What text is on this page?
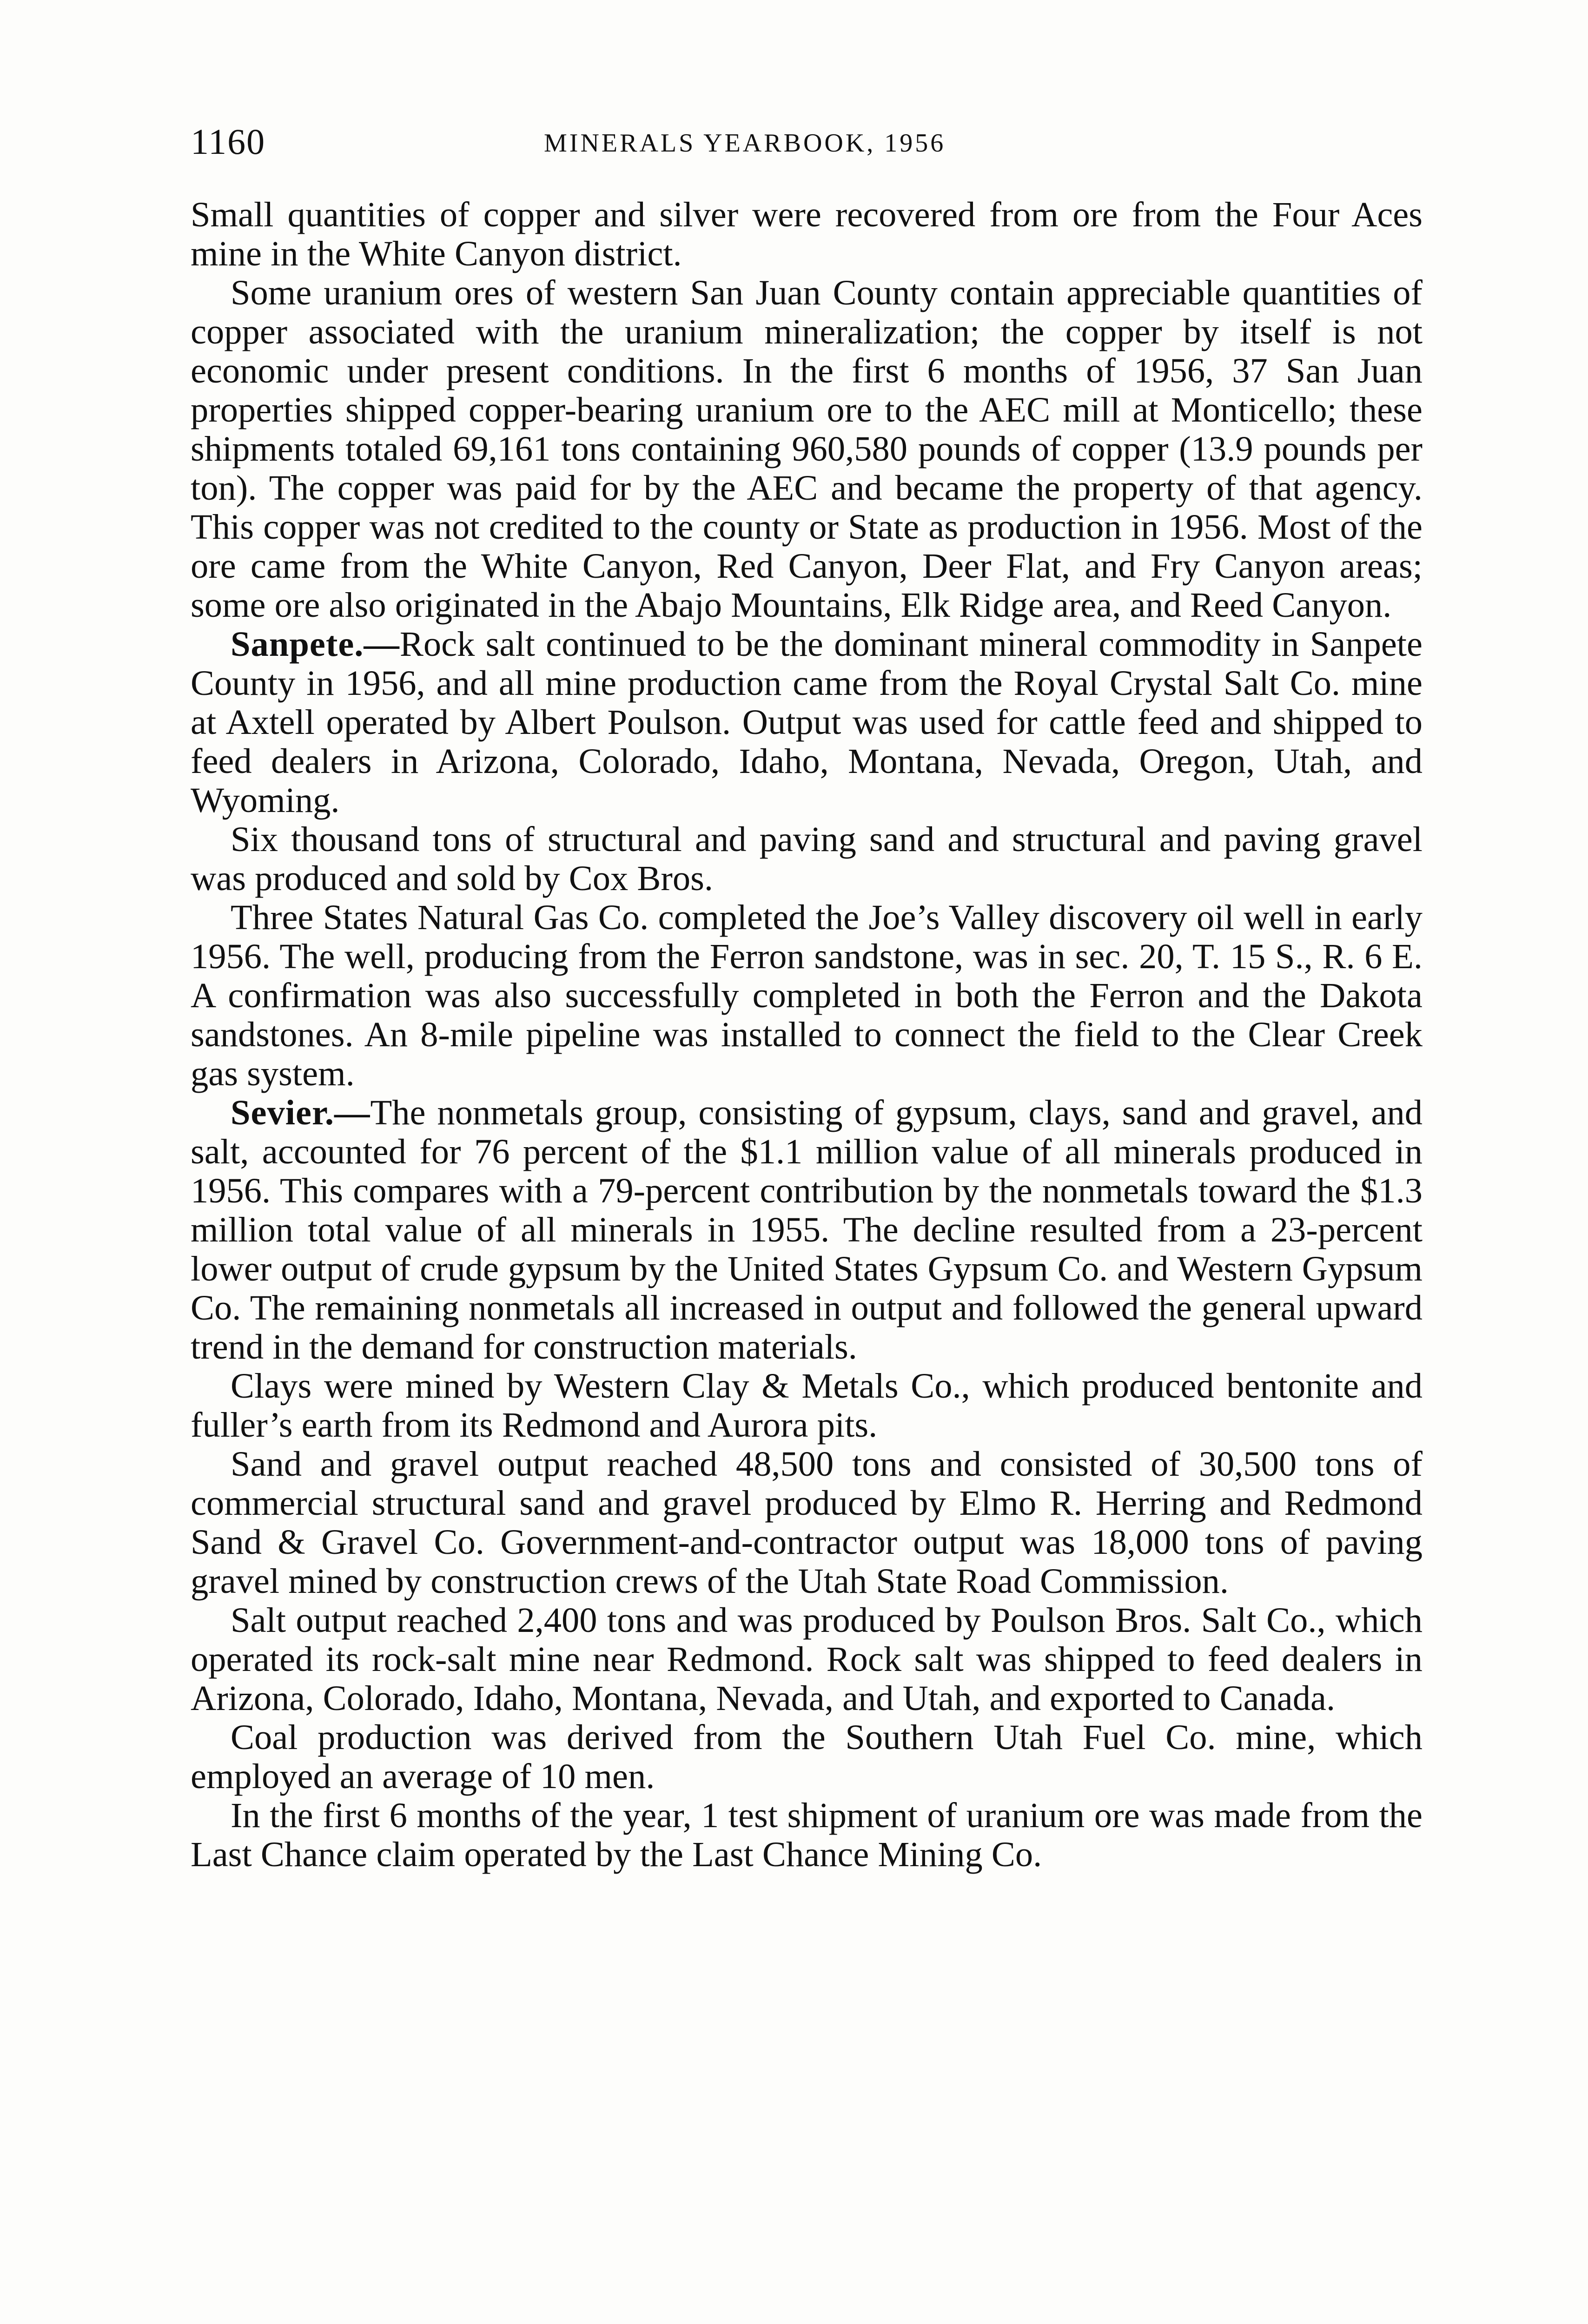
1160	MINERALS YEARBOOK, 1956

Small quantities of copper and silver were recovered from ore from the Four Aces mine in the White Canyon district.

Some uranium ores of western San Juan County contain appreciable quantities of copper associated with the uranium mineralization; the copper by itself is not economic under present conditions. In the first 6 months of 1956, 37 San Juan properties shipped copper-bearing uranium ore to the AEC mill at Monticello; these shipments totaled 69,161 tons containing 960,580 pounds of copper (13.9 pounds per ton). The copper was paid for by the AEC and became the property of that agency. This copper was not credited to the county or State as production in 1956. Most of the ore came from the White Canyon, Red Canyon, Deer Flat, and Fry Canyon areas; some ore also originated in the Abajo Mountains, Elk Ridge area, and Reed Canyon.

Sanpete.—Rock salt continued to be the dominant mineral commodity in Sanpete County in 1956, and all mine production came from the Royal Crystal Salt Co. mine at Axtell operated by Albert Poulson. Output was used for cattle feed and shipped to feed dealers in Arizona, Colorado, Idaho, Montana, Nevada, Oregon, Utah, and Wyoming.

Six thousand tons of structural and paving sand and structural and paving gravel was produced and sold by Cox Bros.

Three States Natural Gas Co. completed the Joe’s Valley discovery oil well in early 1956. The well, producing from the Ferron sandstone, was in sec. 20, T. 15 S., R. 6 E. A confirmation was also successfully completed in both the Ferron and the Dakota sandstones. An 8-mile pipeline was installed to connect the field to the Clear Creek gas system.

Sevier.—The nonmetals group, consisting of gypsum, clays, sand and gravel, and salt, accounted for 76 percent of the $1.1 million value of all minerals produced in 1956. This compares with a 79-percent contribution by the nonmetals toward the $1.3 million total value of all minerals in 1955. The decline resulted from a 23-percent lower output of crude gypsum by the United States Gypsum Co. and Western Gypsum Co. The remaining nonmetals all increased in output and followed the general upward trend in the demand for construction materials.

Clays were mined by Western Clay & Metals Co., which produced bentonite and fuller’s earth from its Redmond and Aurora pits.

Sand and gravel output reached 48,500 tons and consisted of 30,500 tons of commercial structural sand and gravel produced by Elmo R. Herring and Redmond Sand & Gravel Co. Government-and-contractor output was 18,000 tons of paving gravel mined by construction crews of the Utah State Road Commission.

Salt output reached 2,400 tons and was produced by Poulson Bros. Salt Co., which operated its rock-salt mine near Redmond. Rock salt was shipped to feed dealers in Arizona, Colorado, Idaho, Montana, Nevada, and Utah, and exported to Canada.

Coal production was derived from the Southern Utah Fuel Co. mine, which employed an average of 10 men.

In the first 6 months of the year, 1 test shipment of uranium ore was made from the Last Chance claim operated by the Last Chance Mining Co.
